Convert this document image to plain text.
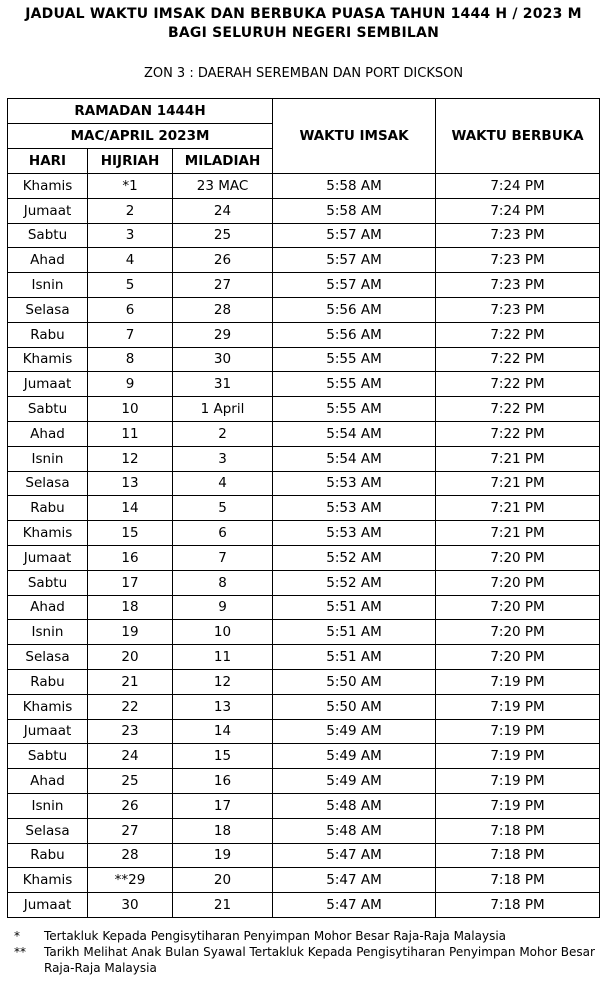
JADUAL WAKTU IMSAK DAN BERBUKA PUASA TAHUN 1444 H / 2023 M
BAGI SELURUH NEGERI SEMBILAN
ZON 3 : DAERAH SEREMBAN DAN PORT DICKSON
RAMADAN 1444H			WAKTU IMSAK	WAKTU BERBUKA
MAC/APRIL 2023M				
HARI	HIJRIAH	MILADIAH		
Khamis	*1	23 MAC	5:58 AM	7:24 PM
Jumaat	2	24	5:58 AM	7:24 PM
Sabtu	3	25	5:57 AM	7:23 PM
Ahad	4	26	5:57 AM	7:23 PM
Isnin	5	27	5:57 AM	7:23 PM
Selasa	6	28	5:56 AM	7:23 PM
Rabu	7	29	5:56 AM	7:22 PM
Khamis	8	30	5:55 AM	7:22 PM
Jumaat	9	31	5:55 AM	7:22 PM
Sabtu	10	1 April	5:55 AM	7:22 PM
Ahad	11	2	5:54 AM	7:22 PM
Isnin	12	3	5:54 AM	7:21 PM
Selasa	13	4	5:53 AM	7:21 PM
Rabu	14	5	5:53 AM	7:21 PM
Khamis	15	6	5:53 AM	7:21 PM
Jumaat	16	7	5:52 AM	7:20 PM
Sabtu	17	8	5:52 AM	7:20 PM
Ahad	18	9	5:51 AM	7:20 PM
Isnin	19	10	5:51 AM	7:20 PM
Selasa	20	11	5:51 AM	7:20 PM
Rabu	21	12	5:50 AM	7:19 PM
Khamis	22	13	5:50 AM	7:19 PM
Jumaat	23	14	5:49 AM	7:19 PM
Sabtu	24	15	5:49 AM	7:19 PM
Ahad	25	16	5:49 AM	7:19 PM
Isnin	26	17	5:48 AM	7:19 PM
Selasa	27	18	5:48 AM	7:18 PM
Rabu	28	19	5:47 AM	7:18 PM
Khamis	**29	20	5:47 AM	7:18 PM
Jumaat	30	21	5:47 AM	7:18 PM
*	Tertakluk Kepada Pengisytiharan Penyimpan Mohor Besar Raja-Raja Malaysia
**	Tarikh Melihat Anak Bulan Syawal Tertakluk Kepada Pengisytiharan Penyimpan Mohor Besar Raja-Raja Malaysia
